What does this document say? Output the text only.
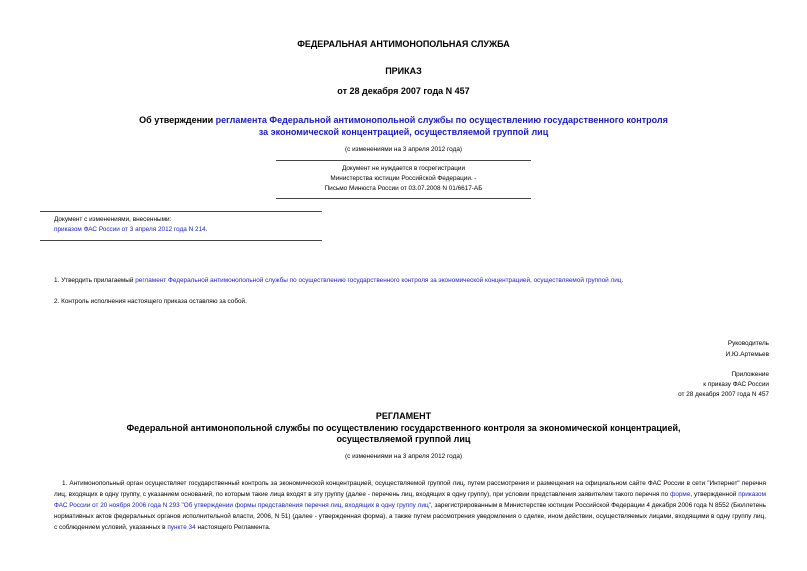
ФЕДЕРАЛЬНАЯ АНТИМОНОПОЛЬНАЯ СЛУЖБА
ПРИКАЗ
от 28 декабря 2007 года N 457
Об утверждении регламента Федеральной антимонопольной службы по осуществлению государственного контроля
за экономической концентрацией, осуществляемой группой лиц
(с изменениями на 3 апреля 2012 года)
Документ не нуждается в госрегистрации
Министерства юстиции Российской Федерации. -
Письмо Минюста России от 03.07.2008 N 01/6617-АБ
Документ с изменениями, внесенными:
приказом ФАС России от 3 апреля 2012 года N 214.
1. Утвердить прилагаемый регламент Федеральной антимонопольной службы по осуществлению государственного контроля за экономической концентрацией, осуществляемой группой лиц.
2. Контроль исполнения настоящего приказа оставляю за собой.
Руководитель
И.Ю.Артемьев
Приложение
к приказу ФАС России
от 28 декабря 2007 года N 457
РЕГЛАМЕНТ
Федеральной антимонопольной службы по осуществлению государственного контроля за экономической концентрацией,
осуществляемой группой лиц
(с изменениями на 3 апреля 2012 года)
1. Антимонопольный орган осуществляет государственный контроль за экономической концентрацией, осуществляемой группой лиц, путем рассмотрения и размещения на официальном сайте ФАС России в сети "Интернет" перечня лиц, входящих в одну группу, с указанием оснований, по которым такие лица входят в эту группу (далее - перечень лиц, входящих в одну группу), при условии представления заявителем такого перечня по форме, утвержденной приказом ФАС России от 20 ноября 2006 года N 293 "Об утверждении формы представления перечня лиц, входящих в одну группу лиц", зарегистрированным в Министерстве юстиции Российской Федерации 4 декабря 2006 года N 8552 (Бюллетень нормативных актов федеральных органов исполнительной власти, 2006, N 51) (далее - утвержденная форма), а также путем рассмотрения уведомления о сделке, ином действии, осуществляемых лицами, входящими в одну группу лиц, с соблюдением условий, указанных в пункте 34 настоящего Регламента.
